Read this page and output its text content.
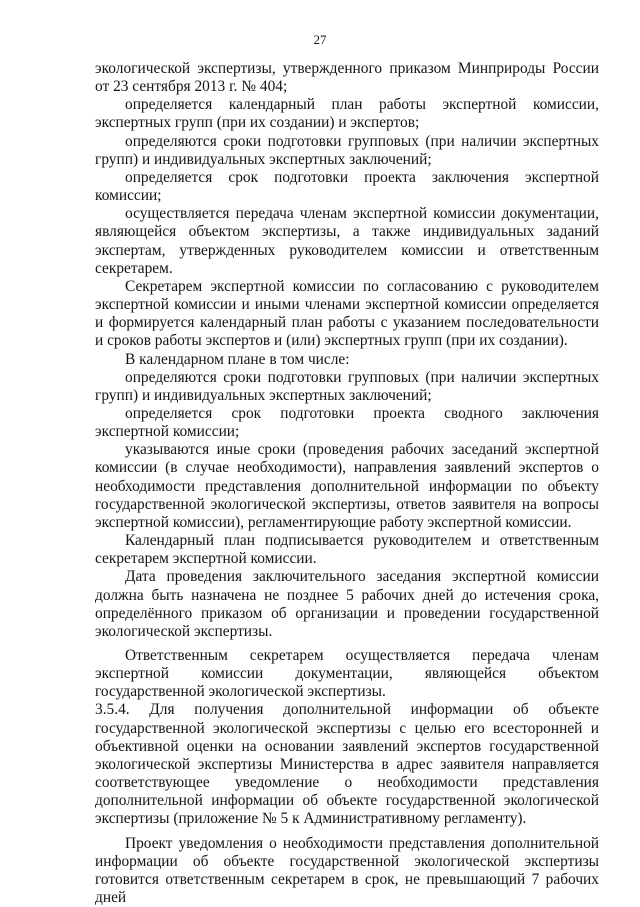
27

экологической экспертизы, утвержденного приказом Минприроды России от 23 сентября 2013 г. № 404;

определяется календарный план работы экспертной комиссии, экспертных групп (при их создании) и экспертов;

определяются сроки подготовки групповых (при наличии экспертных групп) и индивидуальных экспертных заключений;

определяется срок подготовки проекта заключения экспертной комиссии;

осуществляется передача членам экспертной комиссии документации, являющейся объектом экспертизы, а также индивидуальных заданий экспертам, утвержденных руководителем комиссии и ответственным секретарем.

Секретарем экспертной комиссии по согласованию с руководителем экспертной комиссии и иными членами экспертной комиссии определяется и формируется календарный план работы с указанием последовательности и сроков работы экспертов и (или) экспертных групп (при их создании).

В календарном плане в том числе:

определяются сроки подготовки групповых (при наличии экспертных групп) и индивидуальных экспертных заключений;

определяется срок подготовки проекта сводного заключения экспертной комиссии;

указываются иные сроки (проведения рабочих заседаний экспертной комиссии (в случае необходимости), направления заявлений экспертов о необходимости представления дополнительной информации по объекту государственной экологической экспертизы, ответов заявителя на вопросы экспертной комиссии), регламентирующие работу экспертной комиссии.

Календарный план подписывается руководителем и ответственным секретарем экспертной комиссии.

Дата проведения заключительного заседания экспертной комиссии должна быть назначена не позднее 5 рабочих дней до истечения срока, определённого приказом об организации и проведении государственной экологической экспертизы.

Ответственным секретарем осуществляется передача членам экспертной комиссии документации, являющейся объектом государственной экологической экспертизы.

3.5.4. Для получения дополнительной информации об объекте государственной экологической экспертизы с целью его всесторонней и объективной оценки на основании заявлений экспертов государственной экологической экспертизы Министерства в адрес заявителя направляется соответствующее уведомление о необходимости представления дополнительной информации об объекте государственной экологической экспертизы (приложение № 5 к Административному регламенту).

Проект уведомления о необходимости представления дополнительной информации об объекте государственной экологической экспертизы готовится ответственным секретарем в срок, не превышающий 7 рабочих дней
